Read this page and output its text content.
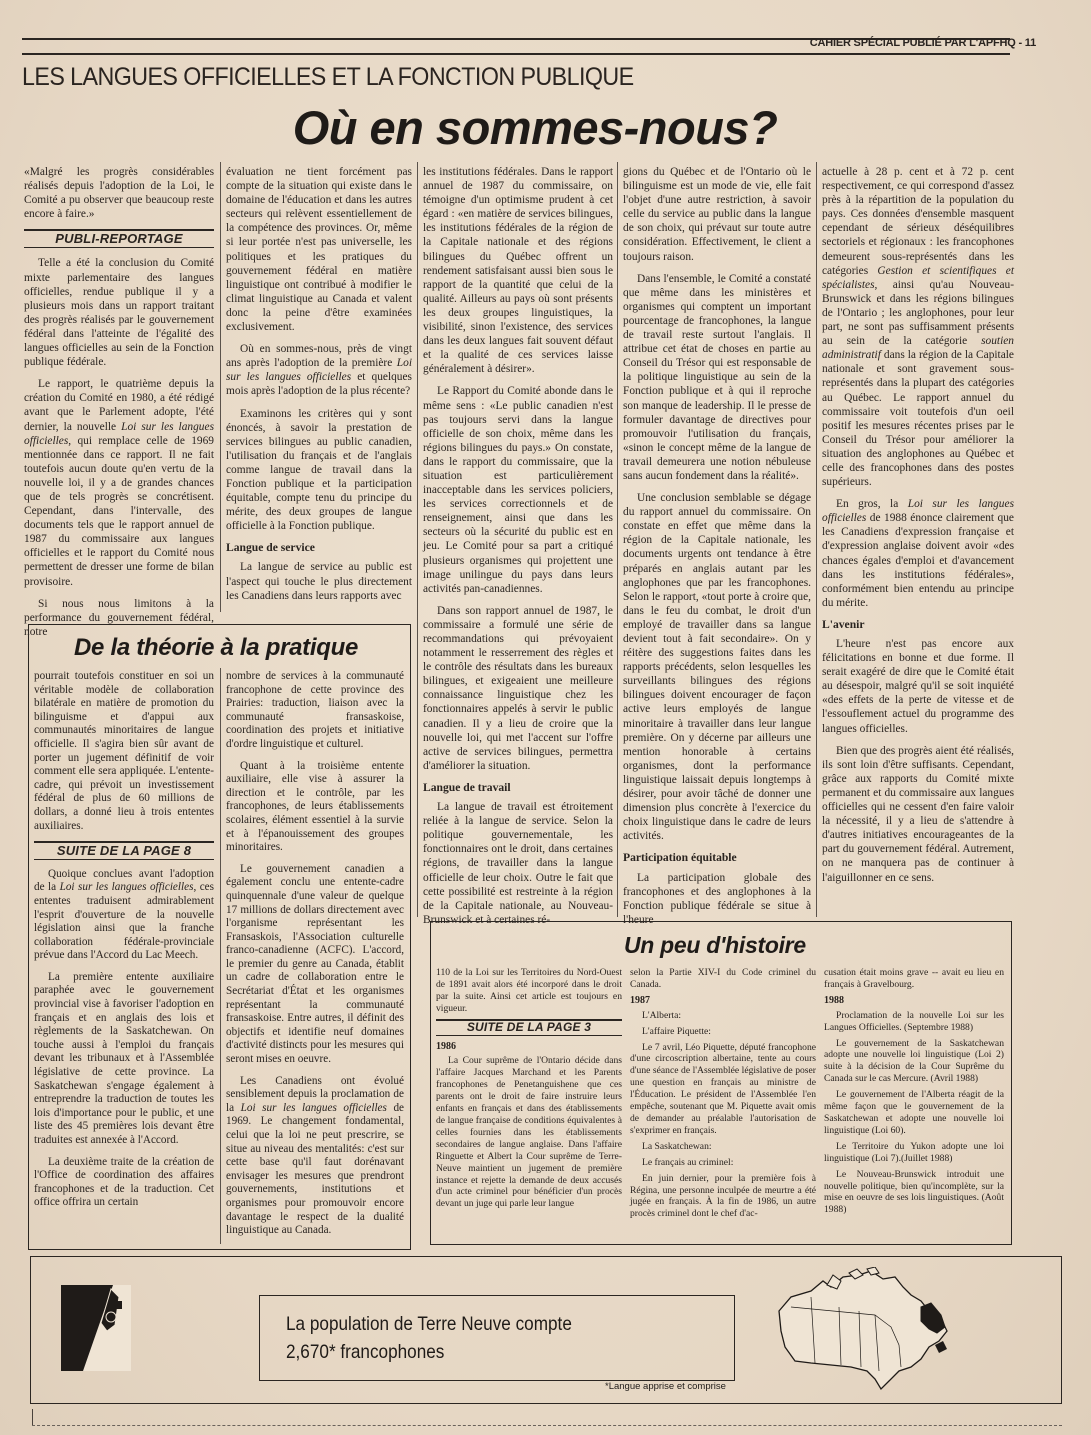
CAHIER SPÉCIAL PUBLIÉ PAR L'APFHQ - 11
LES LANGUES OFFICIELLES ET LA FONCTION PUBLIQUE
Où en sommes-nous?

«Malgré les progrès considérables réalisés depuis l'adoption de la Loi, le Comité a pu observer que beaucoup reste encore à faire.»

PUBLI-REPORTAGE

Telle a été la conclusion du Comité mixte parlementaire des langues officielles, rendue publique il y a plusieurs mois dans un rapport traitant des progrès réalisés par le gouvernement fédéral dans l'atteinte de l'égalité des langues officielles au sein de la Fonction publique fédérale.

Le rapport, le quatrième depuis la création du Comité en 1980, a été rédigé avant que le Parlement adopte, l'été dernier, la nouvelle Loi sur les langues officielles, qui remplace celle de 1969 mentionnée dans ce rapport. Il ne fait toutefois aucun doute qu'en vertu de la nouvelle loi, il y a de grandes chances que de tels progrès se concrétisent. Cependant, dans l'intervalle, des documents tels que le rapport annuel de 1987 du commissaire aux langues officielles et le rapport du Comité nous permettent de dresser une forme de bilan provisoire.

Si nous nous limitons à la performance du gouvernement fédéral, notre

évaluation ne tient forcément pas compte de la situation qui existe dans le domaine de l'éducation et dans les autres secteurs qui relèvent essentiellement de la compétence des provinces. Or, même si leur portée n'est pas universelle, les politiques et les pratiques du gouvernement fédéral en matière linguistique ont contribué à modifier le climat linguistique au Canada et valent donc la peine d'être examinées exclusivement.

Où en sommes-nous, près de vingt ans après l'adoption de la première Loi sur les langues officielles et quelques mois après l'adoption de la plus récente?

Examinons les critères qui y sont énoncés, à savoir la prestation de services bilingues au public canadien, l'utilisation du français et de l'anglais comme langue de travail dans la Fonction publique et la participation équitable, compte tenu du principe du mérite, des deux groupes de langue officielle à la Fonction publique.

Langue de service

La langue de service au public est l'aspect qui touche le plus directement les Canadiens dans leurs rapports avec

les institutions fédérales. Dans le rapport annuel de 1987 du commissaire, on témoigne d'un optimisme prudent à cet égard : «en matière de services bilingues, les institutions fédérales de la région de la Capitale nationale et des régions bilingues du Québec offrent un rendement satisfaisant aussi bien sous le rapport de la quantité que celui de la qualité. Ailleurs au pays où sont présents les deux groupes linguistiques, la visibilité, sinon l'existence, des services dans les deux langues fait souvent défaut et la qualité de ces services laisse généralement à désirer».

Le Rapport du Comité abonde dans le même sens : «Le public canadien n'est pas toujours servi dans la langue officielle de son choix, même dans les régions bilingues du pays.» On constate, dans le rapport du commissaire, que la situation est particulièrement inacceptable dans les services policiers, les services correctionnels et de renseignement, ainsi que dans les secteurs où la sécurité du public est en jeu. Le Comité pour sa part a critiqué plusieurs organismes qui projettent une image unilingue du pays dans leurs activités pan-canadiennes.

Dans son rapport annuel de 1987, le commissaire a formulé une série de recommandations qui prévoyaient notamment le resserrement des règles et le contrôle des résultats dans les bureaux bilingues, et exigeaient une meilleure connaissance linguistique chez les fonctionnaires appelés à servir le public canadien. Il y a lieu de croire que la nouvelle loi, qui met l'accent sur l'offre active de services bilingues, permettra d'améliorer la situation.

Langue de travail

La langue de travail est étroitement reliée à la langue de service. Selon la politique gouvernementale, les fonctionnaires ont le droit, dans certaines régions, de travailler dans la langue officielle de leur choix. Outre le fait que cette possibilité est restreinte à la région de la Capitale nationale, au Nouveau-Brunswick et à certaines ré-

gions du Québec et de l'Ontario où le bilinguisme est un mode de vie, elle fait l'objet d'une autre restriction, à savoir celle du service au public dans la langue de son choix, qui prévaut sur toute autre considération. Effectivement, le client a toujours raison.

Dans l'ensemble, le Comité a constaté que même dans les ministères et organismes qui comptent un important pourcentage de francophones, la langue de travail reste surtout l'anglais. Il attribue cet état de choses en partie au Conseil du Trésor qui est responsable de la politique linguistique au sein de la Fonction publique et à qui il reproche son manque de leadership. Il le presse de formuler davantage de directives pour promouvoir l'utilisation du français, «sinon le concept même de la langue de travail demeurera une notion nébuleuse sans aucun fondement dans la réalité».

Une conclusion semblable se dégage du rapport annuel du commissaire. On constate en effet que même dans la région de la Capitale nationale, les documents urgents ont tendance à être préparés en anglais autant par les anglophones que par les francophones. Selon le rapport, «tout porte à croire que, dans le feu du combat, le droit d'un employé de travailler dans sa langue devient tout à fait secondaire». On y réitère des suggestions faites dans les rapports précédents, selon lesquelles les surveillants bilingues des régions bilingues doivent encourager de façon active leurs employés de langue minoritaire à travailler dans leur langue première. On y décerne par ailleurs une mention honorable à certains organismes, dont la performance linguistique laissait depuis longtemps à désirer, pour avoir tâché de donner une dimension plus concrète à l'exercice du choix linguistique dans le cadre de leurs activités.

Participation équitable

La participation globale des francophones et des anglophones à la Fonction publique fédérale se situe à l'heure

actuelle à 28 p. cent et à 72 p. cent respectivement, ce qui correspond d'assez près à la répartition de la population du pays. Ces données d'ensemble masquent cependant de sérieux déséquilibres sectoriels et régionaux : les francophones demeurent sous-représentés dans les catégories Gestion et scientifiques et spécialistes, ainsi qu'au Nouveau-Brunswick et dans les régions bilingues de l'Ontario ; les anglophones, pour leur part, ne sont pas suffisamment présents au sein de la catégorie soutien administratif dans la région de la Capitale nationale et sont gravement sous-représentés dans la plupart des catégories au Québec. Le rapport annuel du commissaire voit toutefois d'un oeil positif les mesures récentes prises par le Conseil du Trésor pour améliorer la situation des anglophones au Québec et celle des francophones dans des postes supérieurs.

En gros, la Loi sur les langues officielles de 1988 énonce clairement que les Canadiens d'expression française et d'expression anglaise doivent avoir «des chances égales d'emploi et d'avancement dans les institutions fédérales», conformément bien entendu au principe du mérite.

L'avenir

L'heure n'est pas encore aux félicitations en bonne et due forme. Il serait exagéré de dire que le Comité était au désespoir, malgré qu'il se soit inquiété «des effets de la perte de vitesse et de l'essouflement actuel du programme des langues officielles.

Bien que des progrès aient été réalisés, ils sont loin d'être suffisants. Cependant, grâce aux rapports du Comité mixte permanent et du commissaire aux langues officielles qui ne cessent d'en faire valoir la nécessité, il y a lieu de s'attendre à d'autres initiatives encourageantes de la part du gouvernement fédéral. Autrement, on ne manquera pas de continuer à l'aiguillonner en ce sens.

De la théorie à la pratique

pourrait toutefois constituer en soi un véritable modèle de collaboration bilatérale en matière de promotion du bilinguisme et d'appui aux communautés minoritaires de langue officielle. Il s'agira bien sûr avant de porter un jugement définitif de voir comment elle sera appliquée. L'entente-cadre, qui prévoit un investissement fédéral de plus de 60 millions de dollars, a donné lieu à trois ententes auxiliaires.

SUITE DE LA PAGE 8

Quoique conclues avant l'adoption de la Loi sur les langues officielles, ces ententes traduisent admirablement l'esprit d'ouverture de la nouvelle législation ainsi que la franche collaboration fédérale-provinciale prévue dans l'Accord du Lac Meech.

La première entente auxiliaire paraphée avec le gouvernement provincial vise à favoriser l'adoption en français et en anglais des lois et règlements de la Saskatchewan. On touche aussi à l'emploi du français devant les tribunaux et à l'Assemblée législative de cette province. La Saskatchewan s'engage également à entreprendre la traduction de toutes les lois d'importance pour le public, et une liste des 45 premières lois devant être traduites est annexée à l'Accord.

La deuxième traite de la création de l'Office de coordination des affaires francophones et de la traduction. Cet office offrira un certain

nombre de services à la communauté francophone de cette province des Prairies: traduction, liaison avec la communauté fransaskoise, coordination des projets et initiative d'ordre linguistique et culturel.

Quant à la troisième entente auxiliaire, elle vise à assurer la direction et le contrôle, par les francophones, de leurs établissements scolaires, élément essentiel à la survie et à l'épanouissement des groupes minoritaires.

Le gouvernement canadien a également conclu une entente-cadre quinquennale d'une valeur de quelque 17 millions de dollars directement avec l'organisme représentant les Fransaskois, l'Association culturelle franco-canadienne (ACFC). L'accord, le premier du genre au Canada, établit un cadre de collaboration entre le Secrétariat d'État et les organismes représentant la communauté fransaskoise. Entre autres, il définit des objectifs et identifie neuf domaines d'activité distincts pour les mesures qui seront mises en oeuvre.

Les Canadiens ont évolué sensiblement depuis la proclamation de la Loi sur les langues officielles de 1969. Le changement fondamental, celui que la loi ne peut prescrire, se situe au niveau des mentalités: c'est sur cette base qu'il faut dorénavant envisager les mesures que prendront gouvernements, institutions et organismes pour promouvoir encore davantage le respect de la dualité linguistique au Canada.

Un peu d'histoire

110 de la Loi sur les Territoires du Nord-Ouest de 1891 avait alors été incorporé dans le droit par la suite. Ainsi cet article est toujours en vigueur.

SUITE DE LA PAGE 3
1986

La Cour suprême de l'Ontario décide dans l'affaire Jacques Marchand et les Parents francophones de Penetanguishene que ces parents ont le droit de faire instruire leurs enfants en français et dans des établissements de langue française de conditions équivalentes à celles fournies dans les établissements secondaires de langue anglaise. Dans l'affaire Ringuette et Albert la Cour suprême de Terre-Neuve maintient un jugement de première instance et rejette la demande de deux accusés d'un acte criminel pour bénéficier d'un procès devant un juge qui parle leur langue

selon la Partie XIV-I du Code criminel du Canada.

1987

L'Alberta:

L'affaire Piquette:

Le 7 avril, Léo Piquette, député francophone d'une circoscription albertaine, tente au cours d'une séance de l'Assemblée législative de poser une question en français au ministre de l'Éducation. Le président de l'Assemblée l'en empêche, soutenant que M. Piquette avait omis de demander au préalable l'autorisation de s'exprimer en français.

La Saskatchewan:

Le français au criminel:

En juin dernier, pour la première fois à Régina, une personne inculpée de meurtre a été jugée en français. À la fin de 1986, un autre procès criminel dont le chef d'ac-

cusation était moins grave -- avait eu lieu en français à Gravelbourg.

1988

Proclamation de la nouvelle Loi sur les Langues Officielles. (Septembre 1988)

Le gouvernement de la Saskatchewan adopte une nouvelle loi linguistique (Loi 2) suite à la décision de la Cour Suprême du Canada sur le cas Mercure. (Avril 1988)

Le gouvernement de l'Alberta réagit de la même façon que le gouvernement de la Saskatchewan et adopte une nouvelle loi linguistique (Loi 60).

Le Territoire du Yukon adopte une loi linguistique (Loi 7).(Juillet 1988)

Le Nouveau-Brunswick introduit une nouvelle politique, bien qu'incomplète, sur la mise en oeuvre de ses lois linguistiques. (Août 1988)

La population de Terre Neuve compte
2,670* francophones
*Langue apprise et comprise
